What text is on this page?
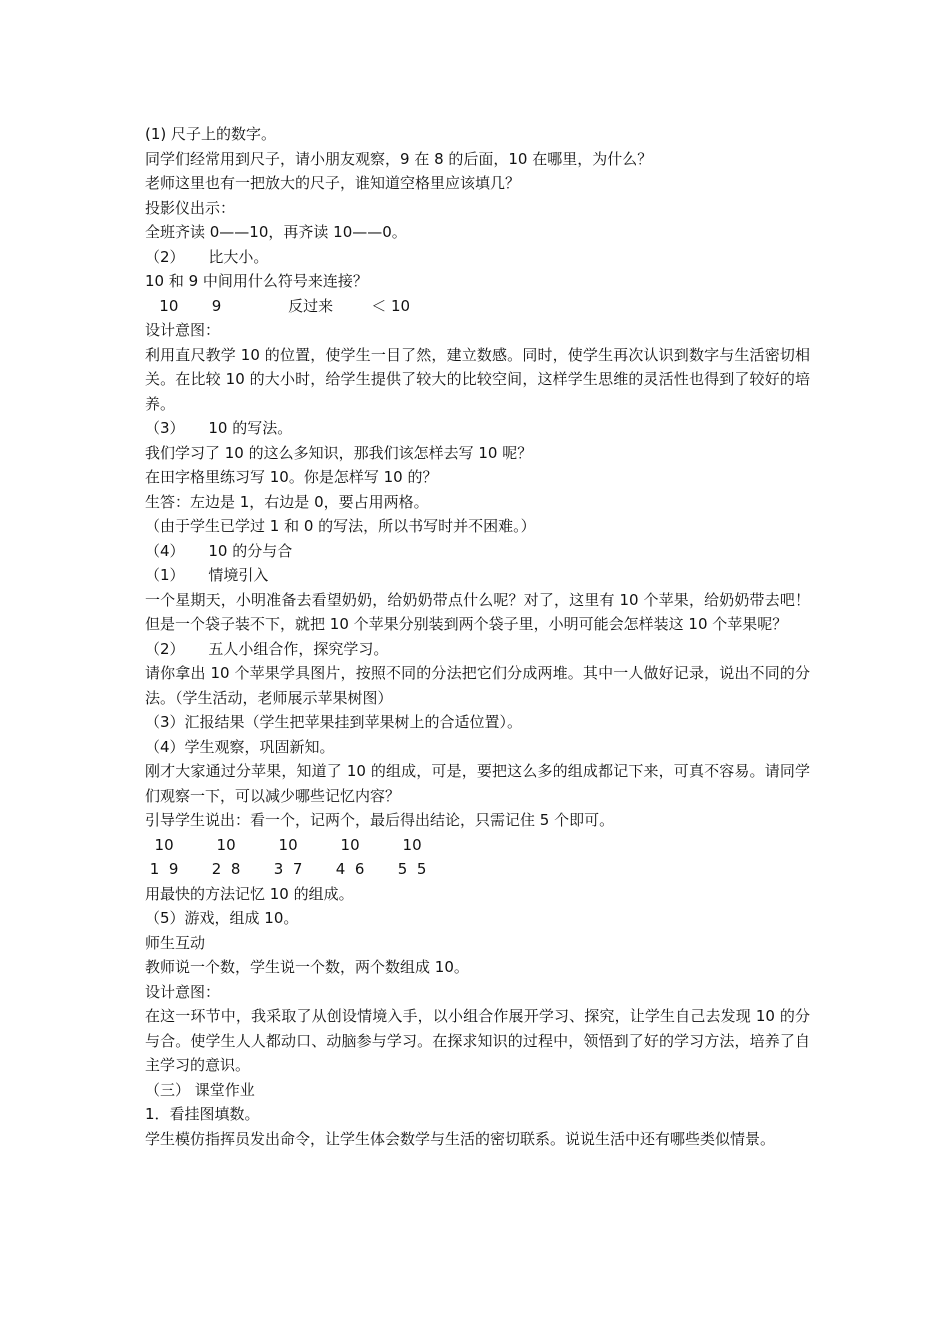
(1) 尺子上的数字。

同学们经常用到尺子，请小朋友观察，9 在 8 的后面，10 在哪里，为什么？

老师这里也有一把放大的尺子，谁知道空格里应该填几？

投影仪出示：

全班齐读 0——10，再齐读 10——0。

（2）     比大小。

10 和 9 中间用什么符号来连接？

10       9              反过来        ＜ 10

设计意图：

利用直尺教学 10 的位置，使学生一目了然，建立数感。同时，使学生再次认识到数字与生活密切相关。在比较 10 的大小时，给学生提供了较大的比较空间，这样学生思维的灵活性也得到了较好的培养。

（3）     10 的写法。

我们学习了 10 的这么多知识，那我们该怎样去写 10 呢？

在田字格里练习写 10。你是怎样写 10 的？

生答：左边是 1，右边是 0，要占用两格。

（由于学生已学过 1 和 0 的写法，所以书写时并不困难。）

（4）     10 的分与合

（1）     情境引入

一个星期天，小明准备去看望奶奶，给奶奶带点什么呢？对了，这里有 10 个苹果，给奶奶带去吧！但是一个袋子装不下，就把 10 个苹果分别装到两个袋子里，小明可能会怎样装这 10 个苹果呢？

（2）     五人小组合作，探究学习。

请你拿出 10 个苹果学具图片，按照不同的分法把它们分成两堆。其中一人做好记录，说出不同的分法。（学生活动，老师展示苹果树图）

（3）汇报结果（学生把苹果挂到苹果树上的合适位置）。

（4）学生观察，巩固新知。

刚才大家通过分苹果，知道了 10 的组成，可是，要把这么多的组成都记下来，可真不容易。请同学们观察一下，可以减少哪些记忆内容？

引导学生说出：看一个，记两个，最后得出结论，只需记住 5 个即可。

10         10         10         10         10

1  9       2  8       3  7       4  6       5  5

用最快的方法记忆 10 的组成。

（5）游戏，组成 10。

师生互动

教师说一个数，学生说一个数，两个数组成 10。

设计意图：

在这一环节中，我采取了从创设情境入手，以小组合作展开学习、探究，让学生自己去发现 10 的分与合。使学生人人都动口、动脑参与学习。在探求知识的过程中，领悟到了好的学习方法，培养了自主学习的意识。

（三） 课堂作业

1．看挂图填数。

学生模仿指挥员发出命令，让学生体会数学与生活的密切联系。说说生活中还有哪些类似情景。
